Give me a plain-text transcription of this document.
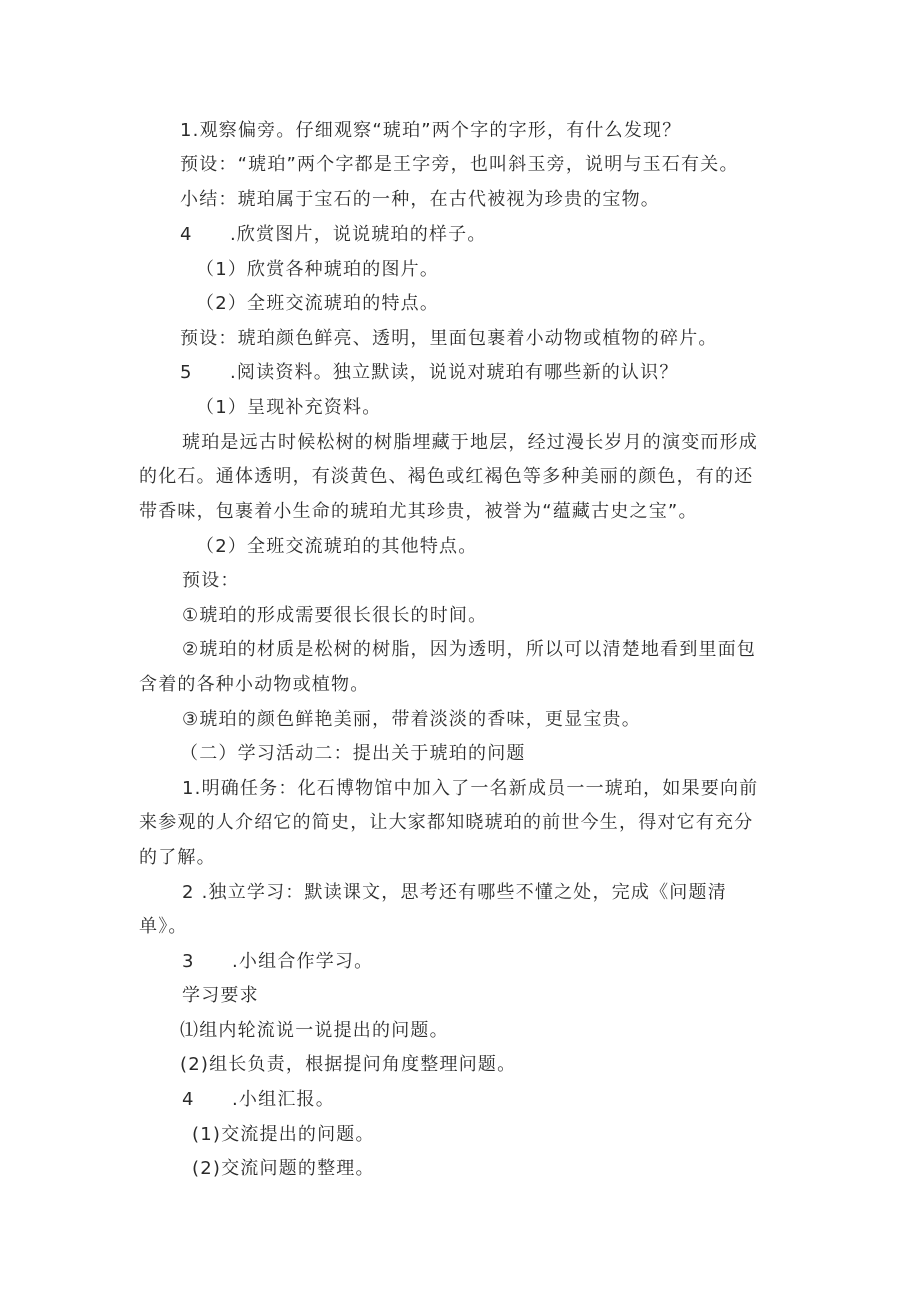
1.观察偏旁。仔细观察“琥珀”两个字的字形，有什么发现？
预设：“琥珀”两个字都是王字旁，也叫斜玉旁，说明与玉石有关。
小结：琥珀属于宝石的一种，在古代被视为珍贵的宝物。
4 .欣赏图片，说说琥珀的样子。
（1）欣赏各种琥珀的图片。
（2）全班交流琥珀的特点。
预设：琥珀颜色鲜亮、透明，里面包裹着小动物或植物的碎片。
5 .阅读资料。独立默读，说说对琥珀有哪些新的认识？
（1）呈现补充资料。
琥珀是远古时候松树的树脂埋藏于地层，经过漫长岁月的演变而形成
的化石。通体透明，有淡黄色、褐色或红褐色等多种美丽的颜色，有的还
带香味，包裹着小生命的琥珀尤其珍贵，被誉为“蕴藏古史之宝”。
（2）全班交流琥珀的其他特点。
预设：
①琥珀的形成需要很长很长的时间。
②琥珀的材质是松树的树脂，因为透明，所以可以清楚地看到里面包
含着的各种小动物或植物。
③琥珀的颜色鲜艳美丽，带着淡淡的香味，更显宝贵。
（二）学习活动二：提出关于琥珀的问题
1.明确任务：化石博物馆中加入了一名新成员一一琥珀，如果要向前
来参观的人介绍它的简史，让大家都知晓琥珀的前世今生，得对它有充分
的了解。
2 .独立学习：默读课文，思考还有哪些不懂之处，完成《问题清
单》。
3 .小组合作学习。
学习要求
⑴组内轮流说一说提出的问题。
(2)组长负责，根据提问角度整理问题。
4 .小组汇报。
(1)交流提出的问题。
(2)交流问题的整理。
